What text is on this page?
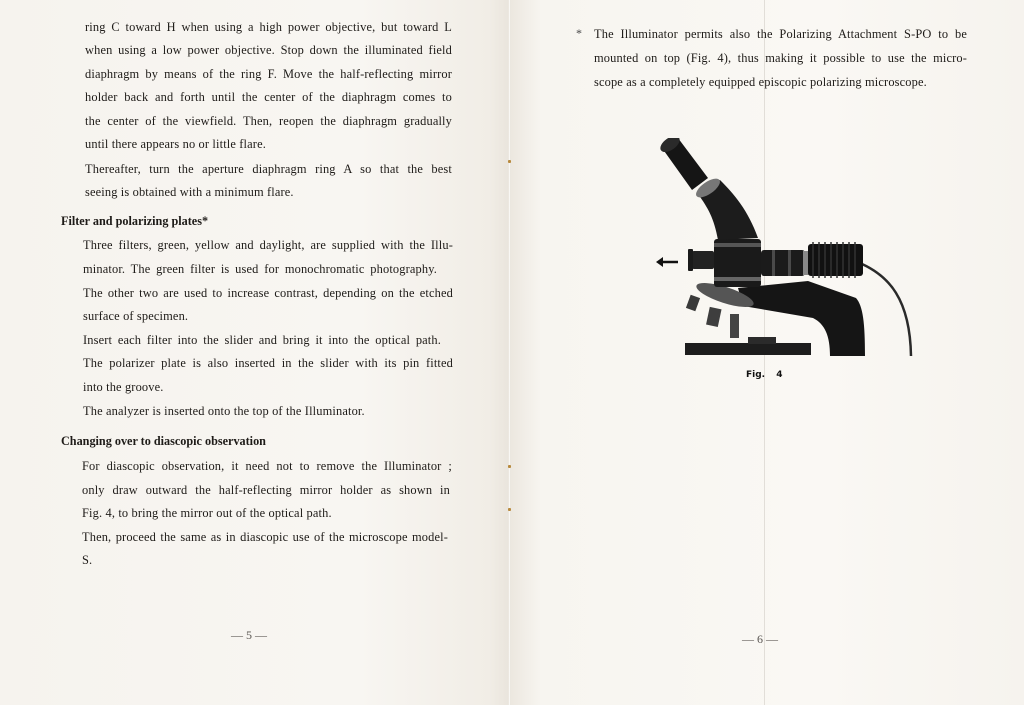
ring C toward H when using a high power objective, but toward L
when using a low power objective. Stop down the illuminated field
diaphragm by means of the ring F. Move the half-reflecting mirror
holder back and forth until the center of the diaphragm comes to
the center of the viewfield. Then, reopen the diaphragm gradually
until there appears no or little flare.
Thereafter, turn the aperture diaphragm ring A so that the best
seeing is obtained with a minimum flare.
Filter and polarizing plates*
Three filters, green, yellow and daylight, are supplied with the Illu-
minator. The green filter is used for monochromatic photography.
The other two are used to increase contrast, depending on the etched
surface of specimen.
Insert each filter into the slider and bring it into the optical path.
The polarizer plate is also inserted in the slider with its pin fitted
into the groove.
The analyzer is inserted onto the top of the Illuminator.
Changing over to diascopic observation
For diascopic observation, it need not to remove the Illuminator ;
only draw outward the half-reflecting mirror holder as shown in
Fig. 4, to bring the mirror out of the optical path.
Then, proceed the same as in diascopic use of the microscope model-
S.
— 5 —
* The Illuminator permits also the Polarizing Attachment S-PO to be
mounted on top (Fig. 4), thus making it possible to use the micro-
scope as a completely equipped episcopic polarizing microscope.

Fig. 4
— 6 —
